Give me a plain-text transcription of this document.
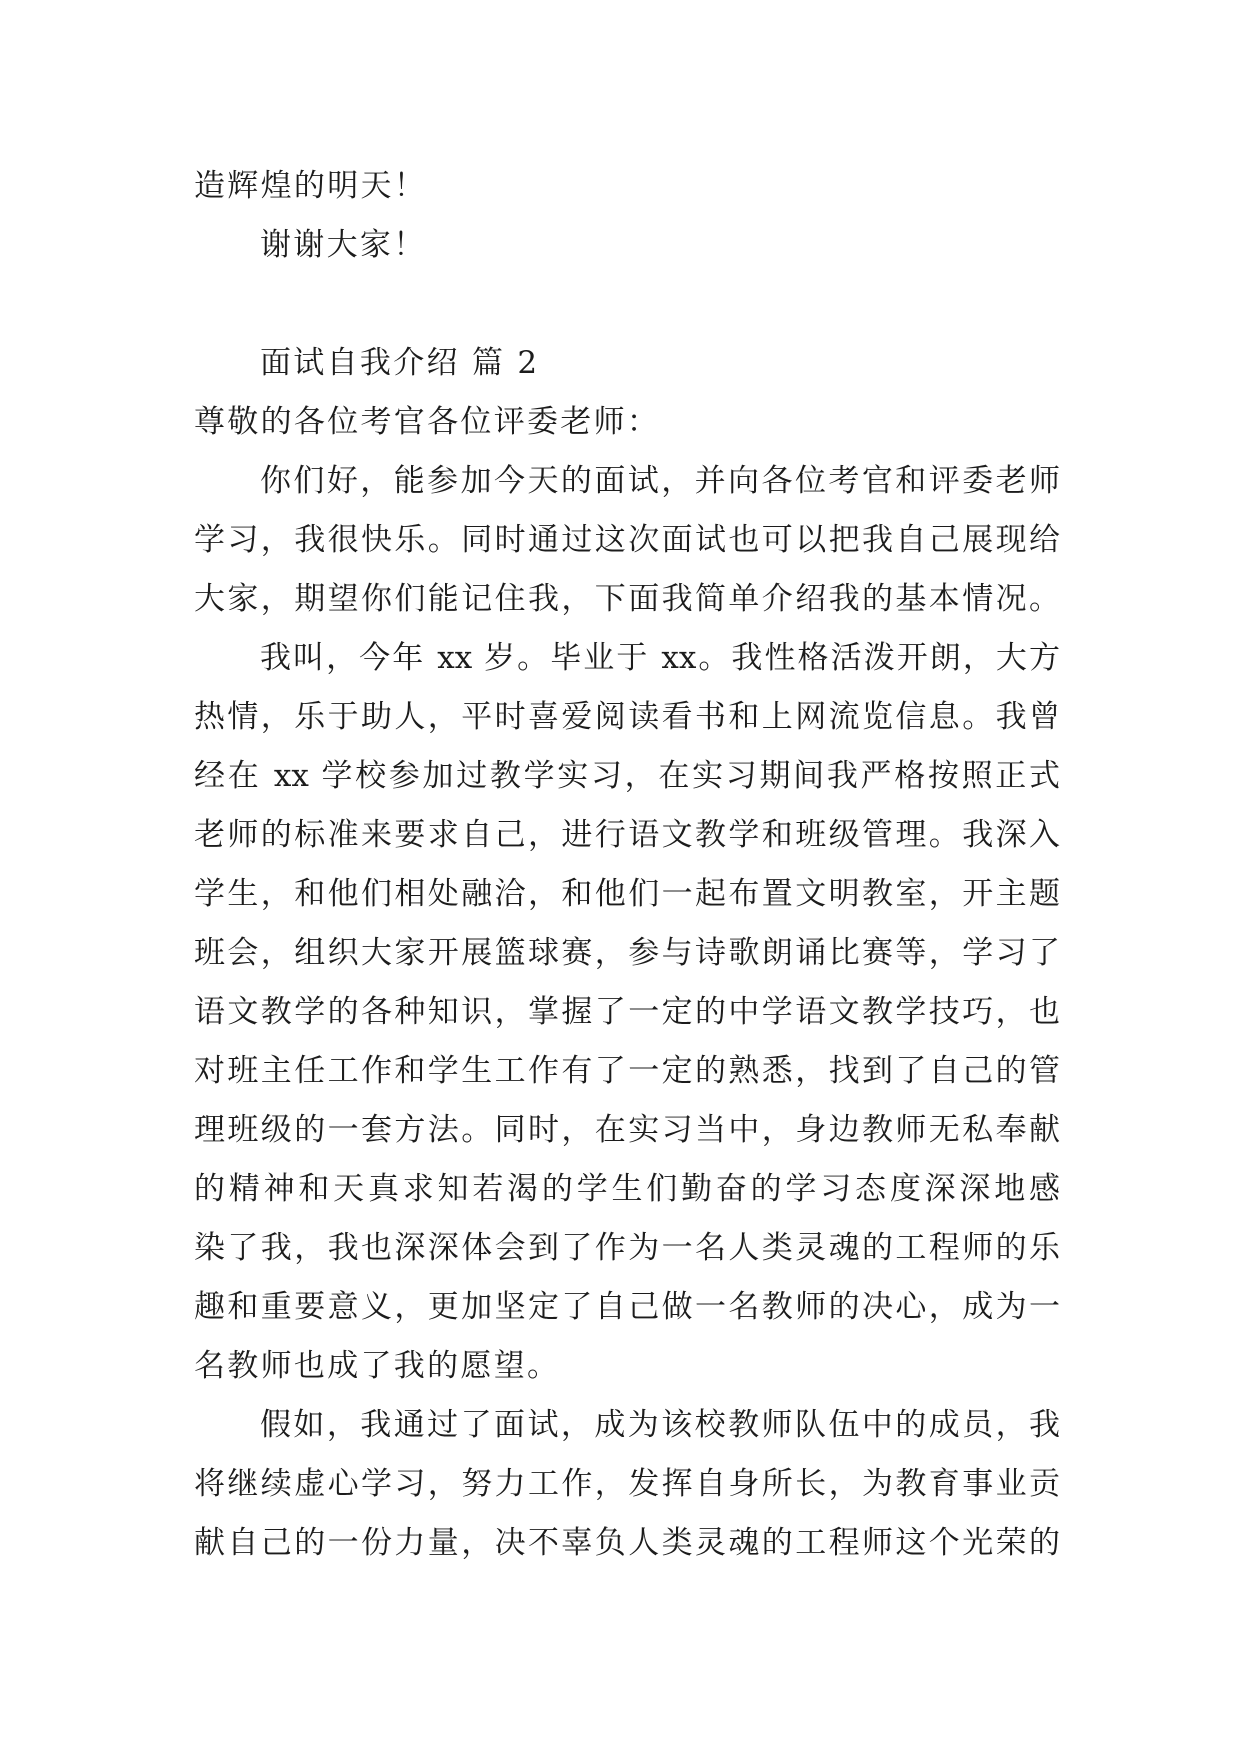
造辉煌的明天！

谢谢大家！

面试自我介绍 篇 2

尊敬的各位考官各位评委老师：

你们好，能参加今天的面试，并向各位考官和评委老师

学习，我很快乐。同时通过这次面试也可以把我自己展现给

大家，期望你们能记住我，下面我简单介绍我的基本情况。

我叫，今年 xx 岁。毕业于 xx。我性格活泼开朗，大方

热情，乐于助人，平时喜爱阅读看书和上网流览信息。我曾

经在 xx 学校参加过教学实习，在实习期间我严格按照正式

老师的标准来要求自己，进行语文教学和班级管理。我深入

学生，和他们相处融洽，和他们一起布置文明教室，开主题

班会，组织大家开展篮球赛，参与诗歌朗诵比赛等，学习了

语文教学的各种知识，掌握了一定的中学语文教学技巧，也

对班主任工作和学生工作有了一定的熟悉，找到了自己的管

理班级的一套方法。同时，在实习当中，身边教师无私奉献

的精神和天真求知若渴的学生们勤奋的学习态度深深地感

染了我，我也深深体会到了作为一名人类灵魂的工程师的乐

趣和重要意义，更加坚定了自己做一名教师的决心，成为一

名教师也成了我的愿望。

假如，我通过了面试，成为该校教师队伍中的成员，我

将继续虚心学习，努力工作，发挥自身所长，为教育事业贡

献自己的一份力量，决不辜负人类灵魂的工程师这个光荣的
